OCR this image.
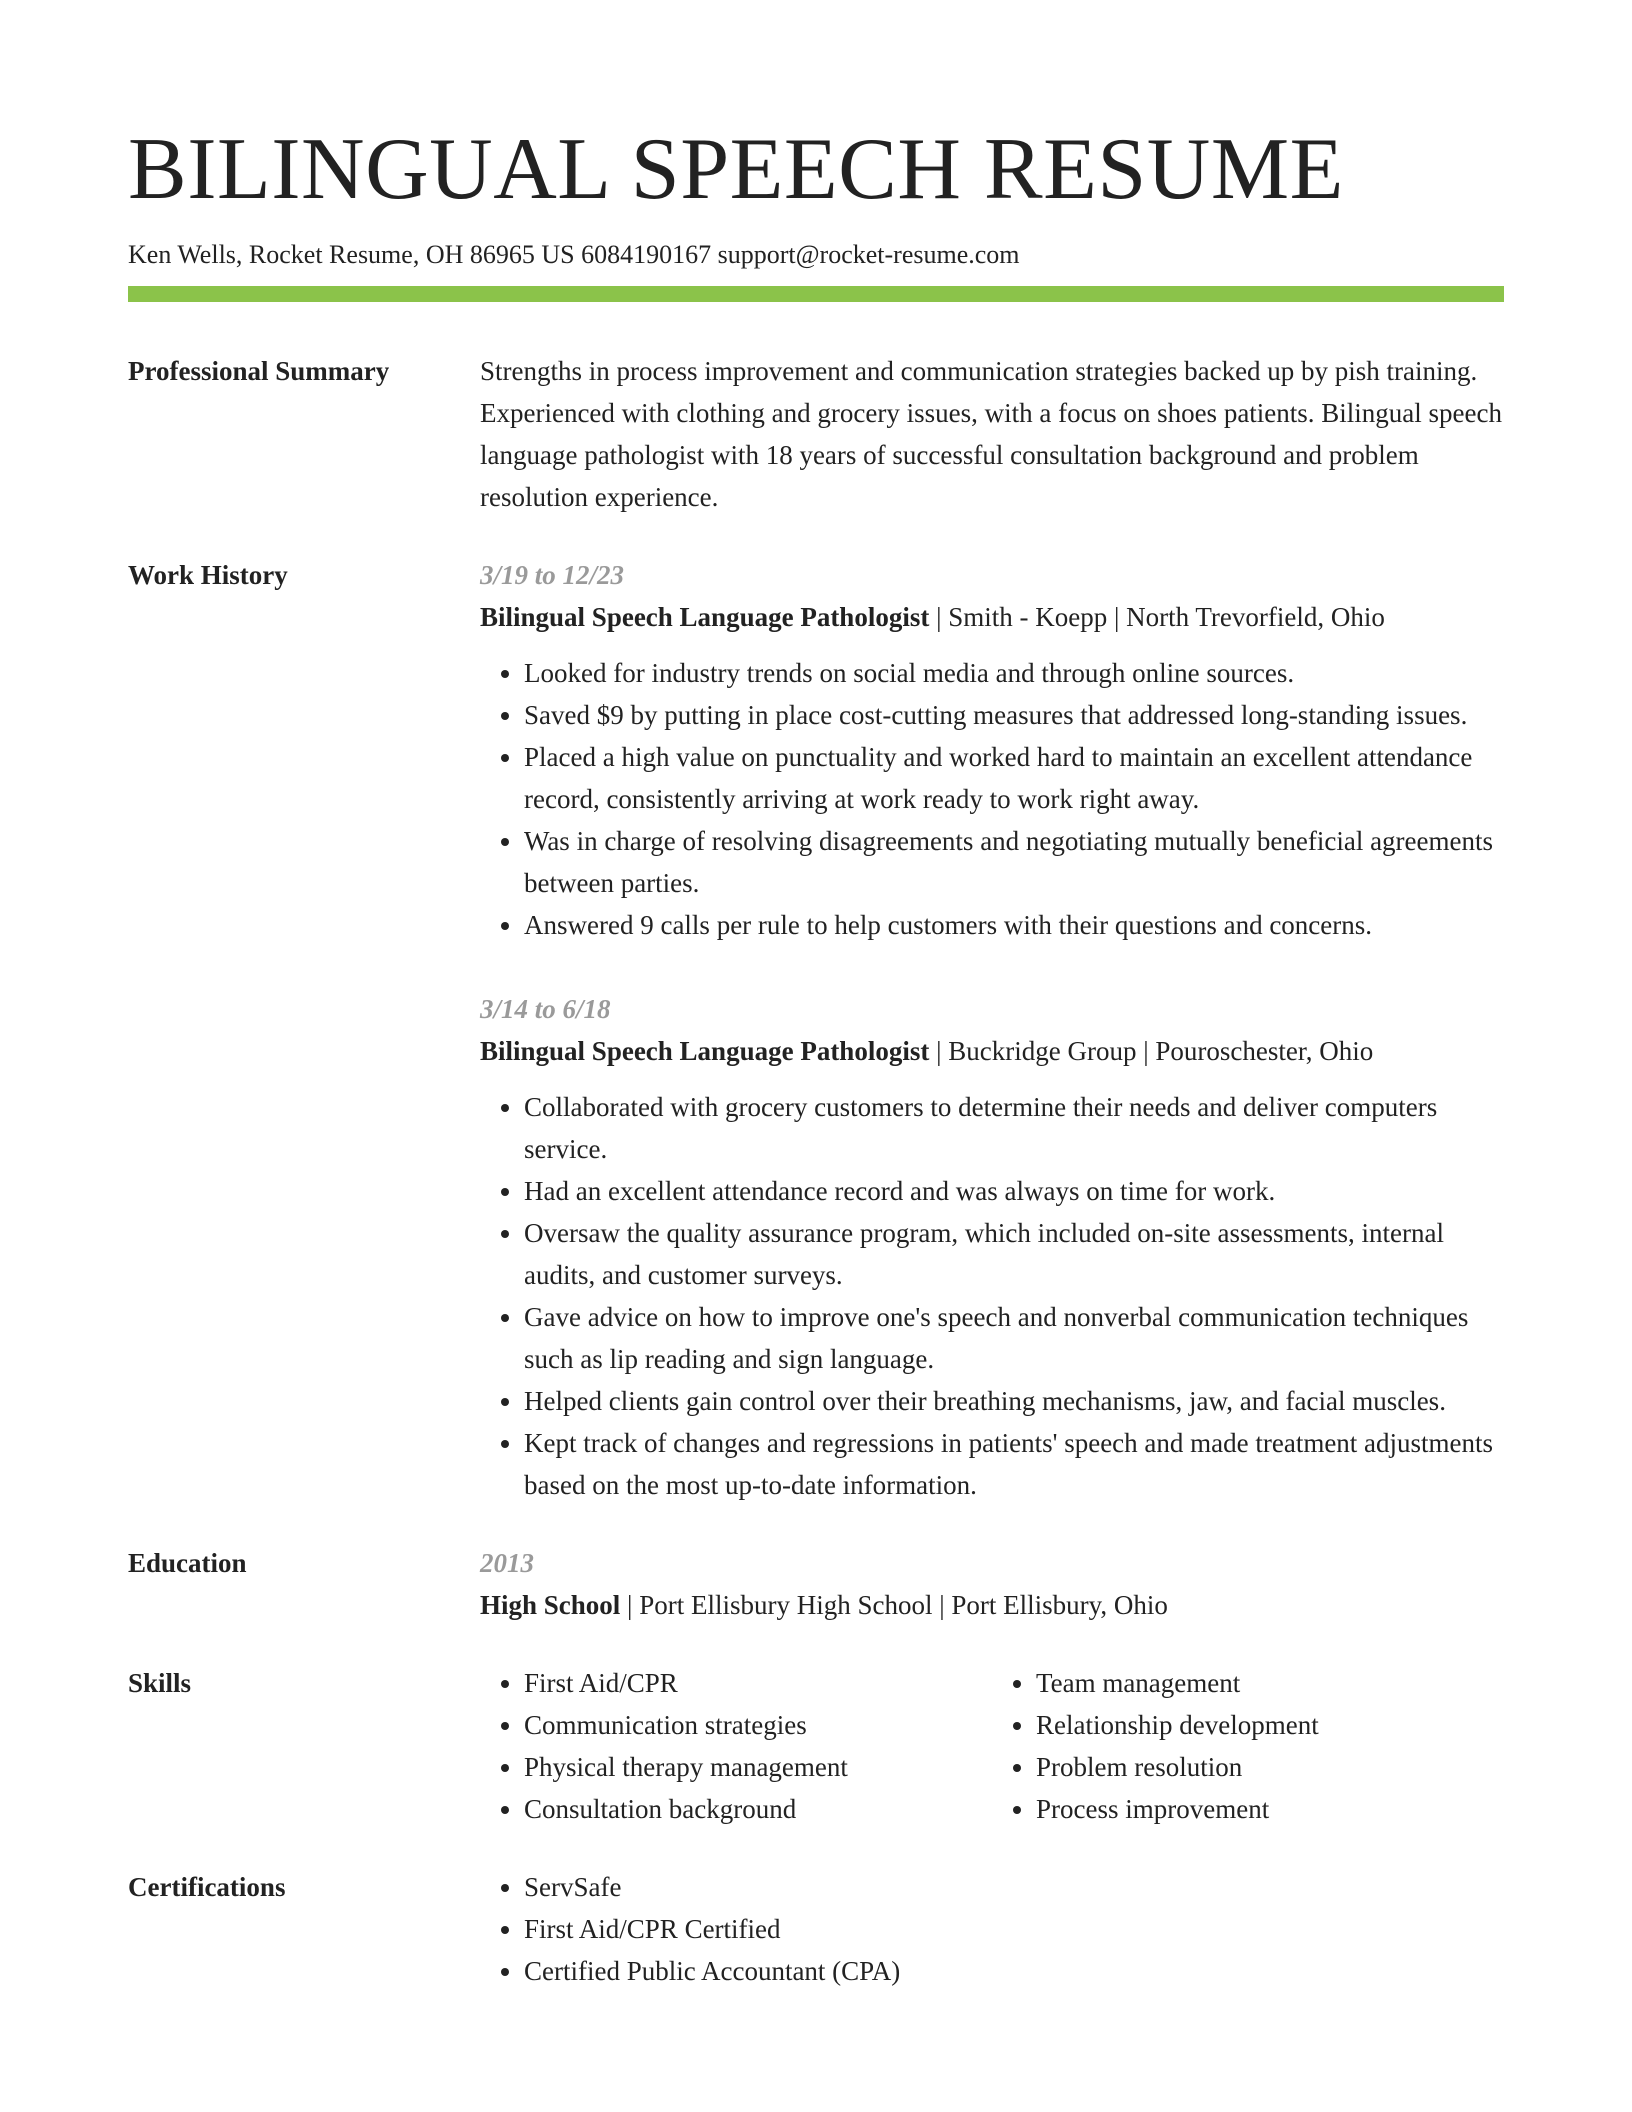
BILINGUAL SPEECH RESUME
Ken Wells, Rocket Resume, OH 86965 US 6084190167 support@rocket-resume.com
Professional Summary	Strengths in process improvement and communication strategies backed up by pish training. Experienced with clothing and grocery issues, with a focus on shoes patients. Bilingual speech language pathologist with 18 years of successful consultation background and problem resolution experience.

Work History	3/19 to 12/23
Bilingual Speech Language Pathologist | Smith - Koepp | North Trevorfield, Ohio
• Looked for industry trends on social media and through online sources.
• Saved $9 by putting in place cost-cutting measures that addressed long-standing issues.
• Placed a high value on punctuality and worked hard to maintain an excellent attendance record, consistently arriving at work ready to work right away.
• Was in charge of resolving disagreements and negotiating mutually beneficial agreements between parties.
• Answered 9 calls per rule to help customers with their questions and concerns.
3/14 to 6/18
Bilingual Speech Language Pathologist | Buckridge Group | Pouroschester, Ohio
• Collaborated with grocery customers to determine their needs and deliver computers service.
• Had an excellent attendance record and was always on time for work.
• Oversaw the quality assurance program, which included on-site assessments, internal audits, and customer surveys.
• Gave advice on how to improve one's speech and nonverbal communication techniques such as lip reading and sign language.
• Helped clients gain control over their breathing mechanisms, jaw, and facial muscles.
• Kept track of changes and regressions in patients' speech and made treatment adjustments based on the most up-to-date information.
Education	2013
High School | Port Ellisbury High School | Port Ellisbury, Ohio
Skills	• First Aid/CPR
• Communication strategies
• Physical therapy management
• Consultation background
• Team management
• Relationship development
• Problem resolution
• Process improvement
Certifications	• ServSafe
• First Aid/CPR Certified
• Certified Public Accountant (CPA)
